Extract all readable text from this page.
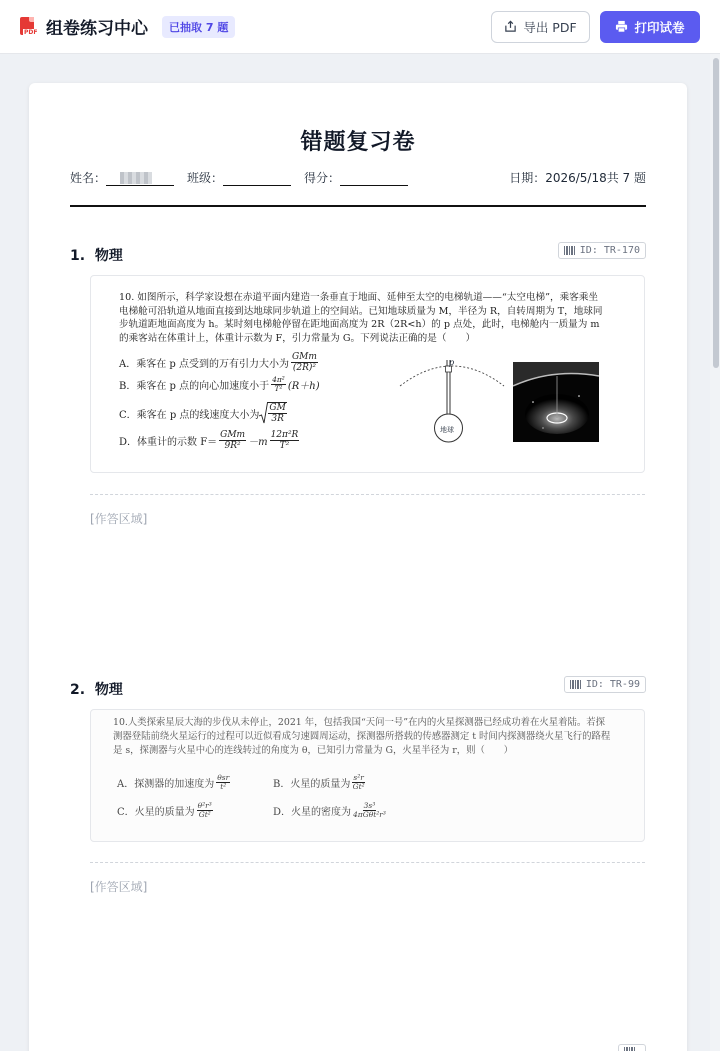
PDF 组卷练习中心	已抽取 7 题	导出 PDF	打印试卷
错题复习卷
姓名：	班级：	得分：	日期：2026/5/18共 7 题
1. 物理	ID: TR-170
10. 如图所示，科学家设想在赤道平面内建造一条垂直于地面、延伸至太空的电梯轨道——“太空电梯”，乘客乘坐电梯舱可沿轨道从地面直接到达地球同步轨道上的空间站。已知地球质量为 M，半径为 R，自转周期为 T，地球同步轨道距地面高度为 h。某时刻电梯舱停留在距地面高度为 2R（2R<h）的 p 点处，此时，电梯舱内一质量为 m 的乘客站在体重计上，体重计示数为 F，引力常量为 G。下列说法正确的是（　　）
A．乘客在 p 点受到的万有引力大小为 $\frac{\text{GMm}}{\text{(2R)²}}$
B．乘客在 p 点的向心加速度小于 $\frac{\text{4π²}}{\text{T²}} (R+h)$
C．乘客在 p 点的线速度大小为 $\frac{GM}{3R}$
D．体重计的示数 $F= \frac{\text{GMm}}{\text{9R²}} -m \frac{\text{12π²R}}{\text{T²}}$
p
地球
[作答区域]
2. 物理	ID: TR-99
10.人类探索星辰大海的步伐从未停止，2021 年，包括我国“天问一号”在内的火星探测器已经成功着在火星着陆。若探测器登陆前绕火星运行的过程可以近似看成匀速圆周运动，探测器所搭载的传感器测定 t 时间内探测器绕火星飞行的路程是 s，探测器与火星中心的连线转过的角度为 θ，已知引力常量为 G，火星半径为 r，则（　　）
A．探测器的加速度为 $\frac{\text{θsr}}{\text{t²}}$	B．火星的质量为 $\frac{\text{s²r}}{\text{Gt²}}$
C．火星的质量为 $\frac{\text{θ²r³}}{\text{Gt²}}$	D．火星的密度为 $\frac{\text{3s³}}{\text{4πGθt²r³}}$
[作答区域]
